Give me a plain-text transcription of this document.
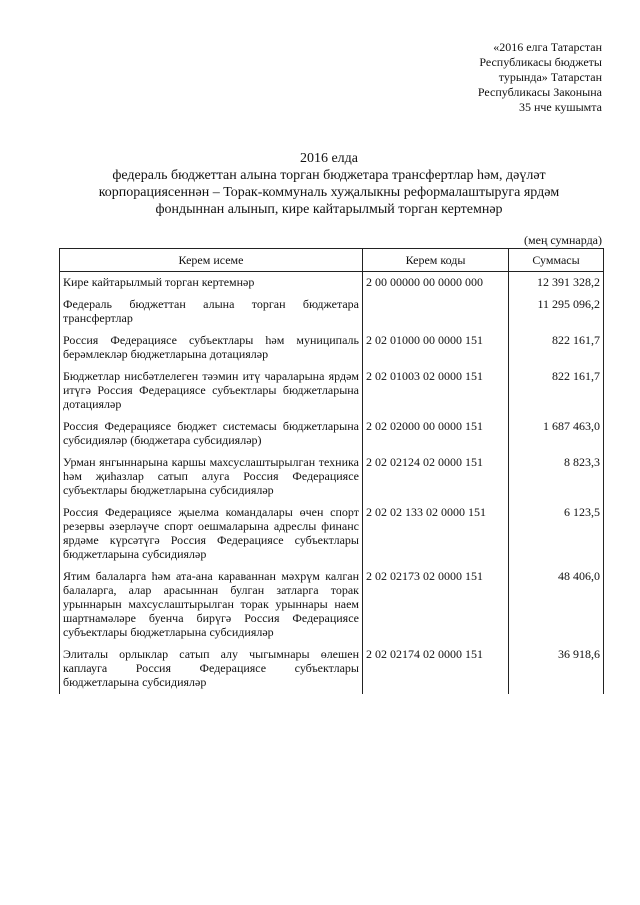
«2016 елга Татарстан
Республикасы бюджеты
турында» Татарстан
Республикасы Законына
35 нче кушымта
2016 елда
федераль бюджеттан алына торган бюджетара трансфертлар һәм, дәүләт
корпорациясеннән – Торак-коммуналь хуҗалыкны реформалаштыруга ярдәм
фондыннан алынып, кире кайтарылмый торган кертемнәр
(мең сумнарда)
Керем исеме	Керем коды	Суммасы
Кире кайтарылмый торган кертемнәр	2 00 00000 00 0000 000	12 391 328,2
Федераль бюджеттан алына торган бюджетара трансфертлар		11 295 096,2
Россия Федерациясе субъектлары һәм муниципаль берәмлекләр бюджетларына дотацияләр	2 02 01000 00 0000 151	822 161,7
Бюджетлар нисбәтлелеген тәэмин итү чараларына ярдәм итүгә Россия Федерациясе субъектлары бюджетларына дотацияләр	2 02 01003 02 0000 151	822 161,7
Россия Федерациясе бюджет системасы бюджетларына субсидияләр (бюджетара субсидияләр)	2 02 02000 00 0000 151	1 687 463,0
Урман янгыннарына каршы махсуслаштырылган техника һәм җиһазлар сатып алуга Россия Федерациясе субъектлары бюджетларына субсидияләр	2 02 02124 02 0000 151	8 823,3
Россия Федерациясе җыелма командалары өчен спорт резервы әзерләүче спорт оешмаларына адреслы финанс ярдәме күрсәтүгә Россия Федерациясе субъектлары бюджетларына субсидияләр	2 02 02 133 02 0000 151	6 123,5
Ятим балаларга һәм ата-ана караваннан мәхрүм калган балаларга, алар арасыннан булган затларга торак урыннарын махсуслаштырылган торак урыннары наем шартнамәләре буенча бирүгә Россия Федерациясе субъектлары бюджетларына субсидияләр	2 02 02173 02 0000 151	48 406,0
Элиталы орлыклар сатып алу чыгымнары өлешен каплауга Россия Федерациясе субъектлары бюджетларына субсидияләр	2 02 02174 02 0000 151	36 918,6
